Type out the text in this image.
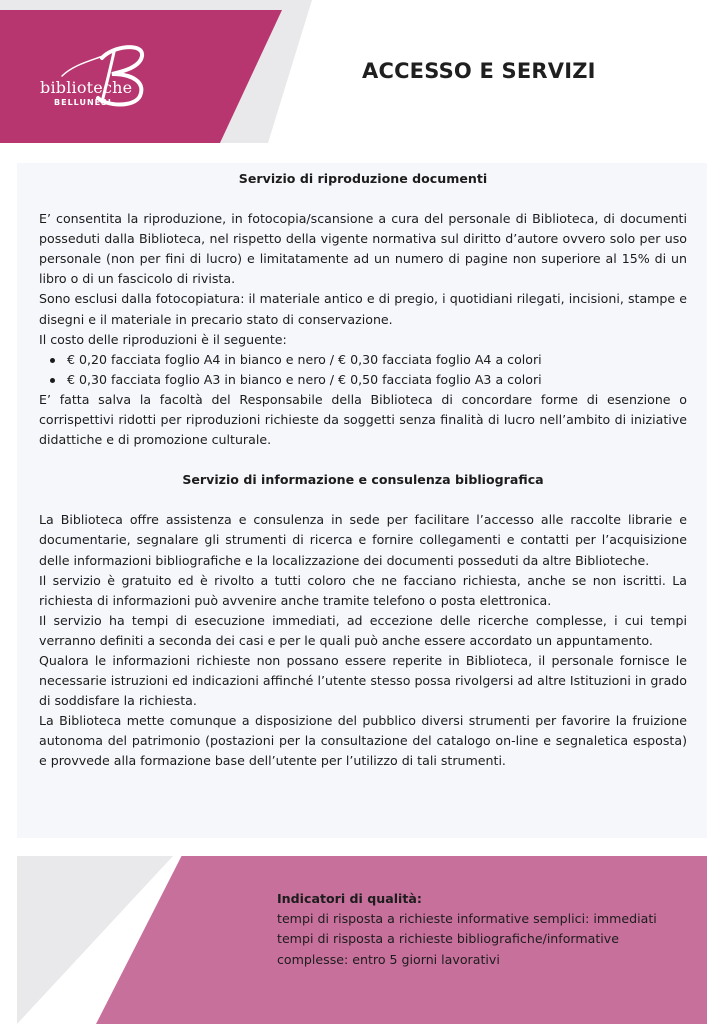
biblioteche
BELLUNESI
ACCESSO E SERVIZI
Servizio di riproduzione documenti

E’ consentita la riproduzione, in fotocopia/scansione a cura del personale di Biblioteca, di documenti posseduti dalla Biblioteca, nel rispetto della vigente normativa sul diritto d’autore ovvero solo per uso personale (non per fini di lucro) e limitatamente ad un numero di pagine non superiore al 15% di un libro o di un fascicolo di rivista.

Sono esclusi dalla fotocopiatura: il materiale antico e di pregio, i quotidiani rilegati, incisioni, stampe e disegni e il materiale in precario stato di conservazione.

Il costo delle riproduzioni è il seguente:

€ 0,20 facciata foglio A4 in bianco e nero / € 0,30 facciata foglio A4 a colori
€ 0,30 facciata foglio A3 in bianco e nero / € 0,50 facciata foglio A3 a colori

E’ fatta salva la facoltà del Responsabile della Biblioteca di concordare forme di esenzione o corrispettivi ridotti per riproduzioni richieste da soggetti senza finalità di lucro nell’ambito di iniziative didattiche e di promozione culturale.

Servizio di informazione e consulenza bibliografica

La Biblioteca offre assistenza e consulenza in sede per facilitare l’accesso alle raccolte librarie e documentarie, segnalare gli strumenti di ricerca e fornire collegamenti e contatti per l’acquisizione delle informazioni bibliografiche e la localizzazione dei documenti posseduti da altre Biblioteche.

Il servizio è gratuito ed è rivolto a tutti coloro che ne facciano richiesta, anche se non iscritti. La richiesta di informazioni può avvenire anche tramite telefono o posta elettronica.

Il servizio ha tempi di esecuzione immediati, ad eccezione delle ricerche complesse, i cui tempi verranno definiti a seconda dei casi e per le quali può anche essere accordato un appuntamento.

Qualora le informazioni richieste non possano essere reperite in Biblioteca, il personale fornisce le necessarie istruzioni ed indicazioni affinché l’utente stesso possa rivolgersi ad altre Istituzioni in grado di soddisfare la richiesta.

La Biblioteca mette comunque a disposizione del pubblico diversi strumenti per favorire la fruizione autonoma del patrimonio (postazioni per la consultazione del catalogo on-line e segnaletica esposta) e provvede alla formazione base dell’utente per l’utilizzo di tali strumenti.

Indicatori di qualità:
tempi di risposta a richieste informative semplici: immediati
tempi di risposta a richieste bibliografiche/informative
complesse: entro 5 giorni lavorativi
